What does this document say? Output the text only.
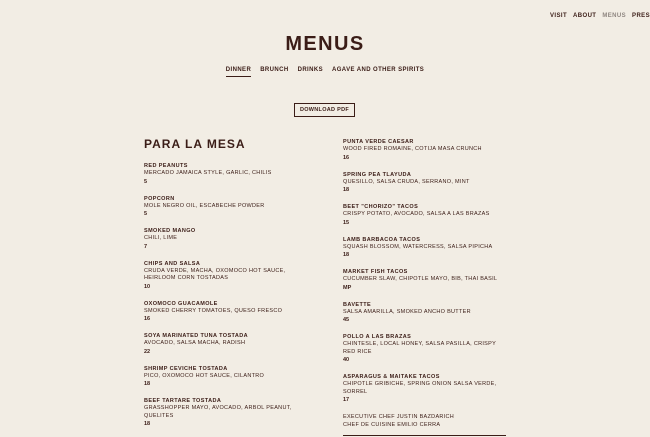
VISIT ABOUT MENUS PRES
MENUS
DINNER BRUNCH DRINKS AGAVE AND OTHER SPIRITS
DOWNLOAD PDF
PARA LA MESA
RED PEANUTS
MERCADO JAMAICA STYLE, GARLIC, CHILIS
5
POPCORN
MOLE NEGRO OIL, ESCABECHE POWDER
5
SMOKED MANGO
CHILI, LIME
7
CHIPS AND SALSA
CRUDA VERDE, MACHA, OXOMOCO HOT SAUCE, HEIRLOOM CORN TOSTADAS
10
OXOMOCO GUACAMOLE
SMOKED CHERRY TOMATOES, QUESO FRESCO
16
SOYA MARINATED TUNA TOSTADA
AVOCADO, SALSA MACHA, RADISH
22
SHRIMP CEVICHE TOSTADA
PICO, OXOMOCO HOT SAUCE, CILANTRO
18
BEEF TARTARE TOSTADA
GRASSHOPPER MAYO, AVOCADO, ARBOL PEANUT, QUELITES
18
PUNTA VERDE CAESAR
WOOD FIRED ROMAINE, COTIJA MASA CRUNCH
16
SPRING PEA TLAYUDA
QUESILLO, SALSA CRUDA, SERRANO, MINT
18
BEET "CHORIZO" TACOS
CRISPY POTATO, AVOCADO, SALSA A LAS BRAZAS
15
LAMB BARBACOA TACOS
SQUASH BLOSSOM, WATERCRESS, SALSA PIPICHA
18
MARKET FISH TACOS
CUCUMBER SLAW, CHIPOTLE MAYO, BIB, THAI BASIL
MP
BAVETTE
SALSA AMARILLA, SMOKED ANCHO BUTTER
45
POLLO A LAS BRAZAS
CHINTESLE, LOCAL HONEY, SALSA PASILLA, CRISPY RED RICE
40
ASPARAGUS & MAITAKE TACOS
CHIPOTLE GRIBICHE, SPRING ONION SALSA VERDE, SORREL
17
EXECUTIVE CHEF JUSTIN BAZDARICH
CHEF DE CUISINE EMILIO CERRA
